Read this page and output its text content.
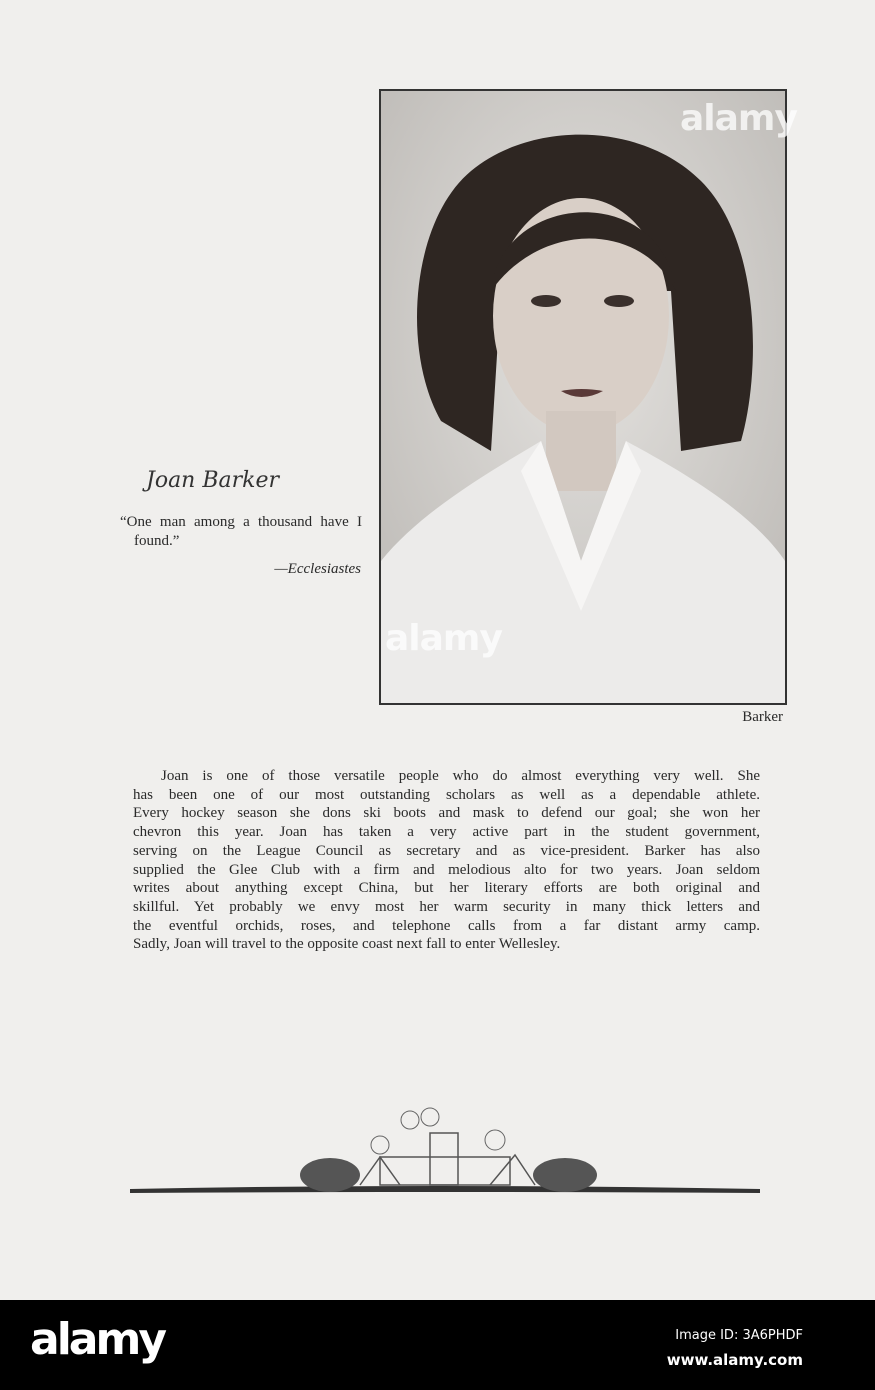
Joan Barker
“One man among a thousand have I
found.”
—Ecclesiastes
Barker
Joan is one of those versatile people who do almost everything very well. She
has been one of our most outstanding scholars as well as a dependable athlete.
Every hockey season she dons ski boots and mask to defend our goal; she won her
chevron this year. Joan has taken a very active part in the student government,
serving on the League Council as secretary and as vice-president. Barker has also
supplied the Glee Club with a firm and melodious alto for two years. Joan seldom
writes about anything except China, but her literary efforts are both original and
skillful. Yet probably we envy most her warm security in many thick letters and
the eventful orchids, roses, and telephone calls from a far distant army camp.
Sadly, Joan will travel to the opposite coast next fall to enter Wellesley.
alamy
alamy
alamy	Image ID: 3A6PHDF
www.alamy.com
